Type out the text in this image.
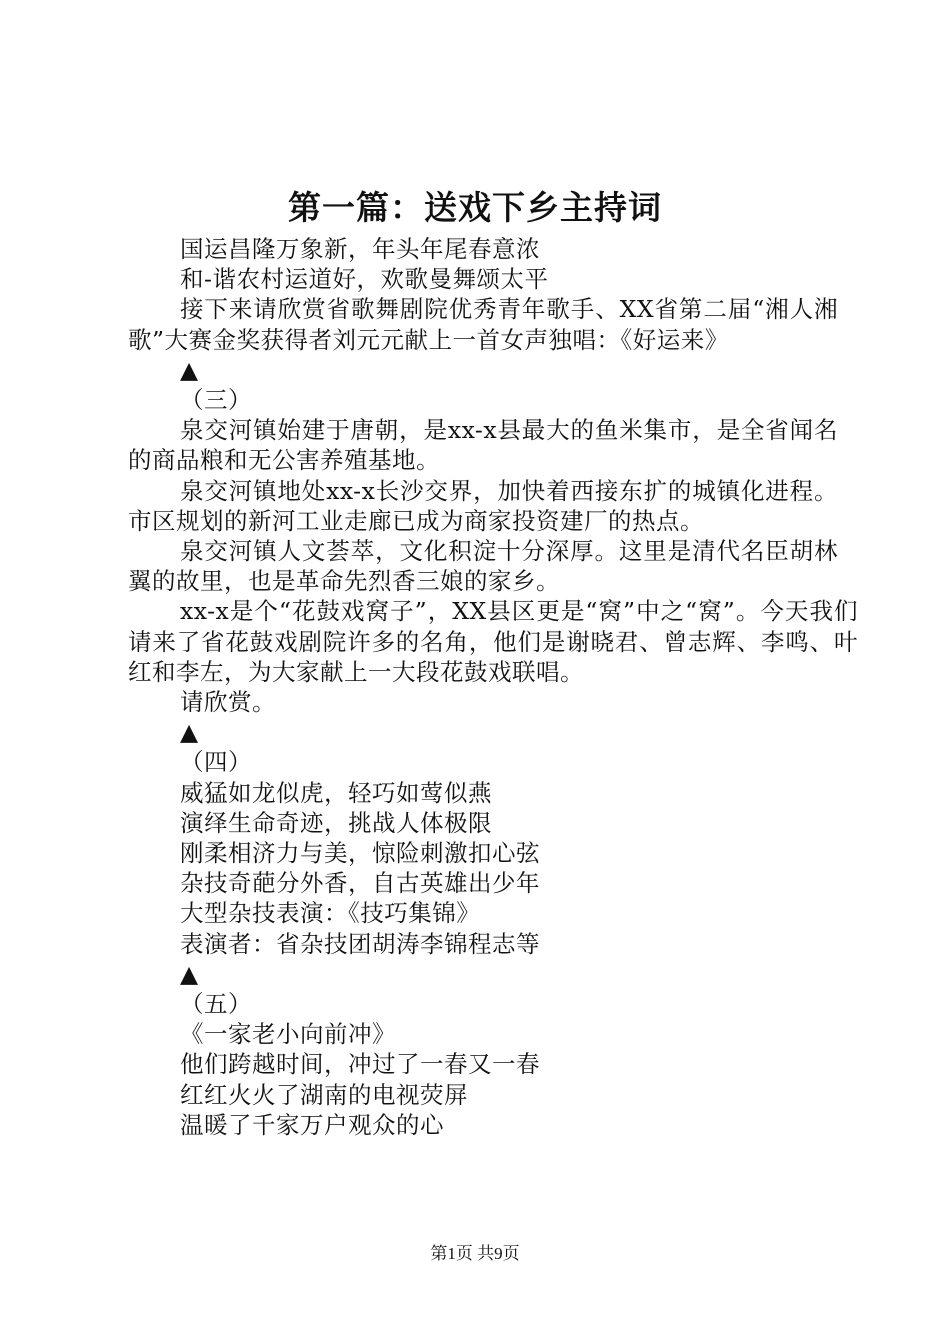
第一篇：送戏下乡主持词
国运昌隆万象新，年头年尾春意浓
和-谐农村运道好，欢歌曼舞颂太平
接下来请欣赏省歌舞剧院优秀青年歌手、XX省第二届“湘人湘歌”大赛金奖获得者刘元元献上一首女声独唱：《好运来》
▲
（三）
泉交河镇始建于唐朝，是xx-x县最大的鱼米集市，是全省闻名的商品粮和无公害养殖基地。
泉交河镇地处xx-x长沙交界，加快着西接东扩的城镇化进程。市区规划的新河工业走廊已成为商家投资建厂的热点。
泉交河镇人文荟萃，文化积淀十分深厚。这里是清代名臣胡林翼的故里，也是革命先烈香三娘的家乡。
xx-x是个“花鼓戏窝子”，XX县区更是“窝”中之“窝”。今天我们请来了省花鼓戏剧院许多的名角，他们是谢晓君、曾志辉、李鸣、叶红和李左，为大家献上一大段花鼓戏联唱。
请欣赏。
▲
（四）
威猛如龙似虎，轻巧如莺似燕
演绎生命奇迹，挑战人体极限
刚柔相济力与美，惊险刺激扣心弦
杂技奇葩分外香，自古英雄出少年
大型杂技表演：《技巧集锦》
表演者：省杂技团胡涛李锦程志等
▲
（五）
《一家老小向前冲》
他们跨越时间，冲过了一春又一春
红红火火了湖南的电视荧屏
温暖了千家万户观众的心
第1页 共9页
